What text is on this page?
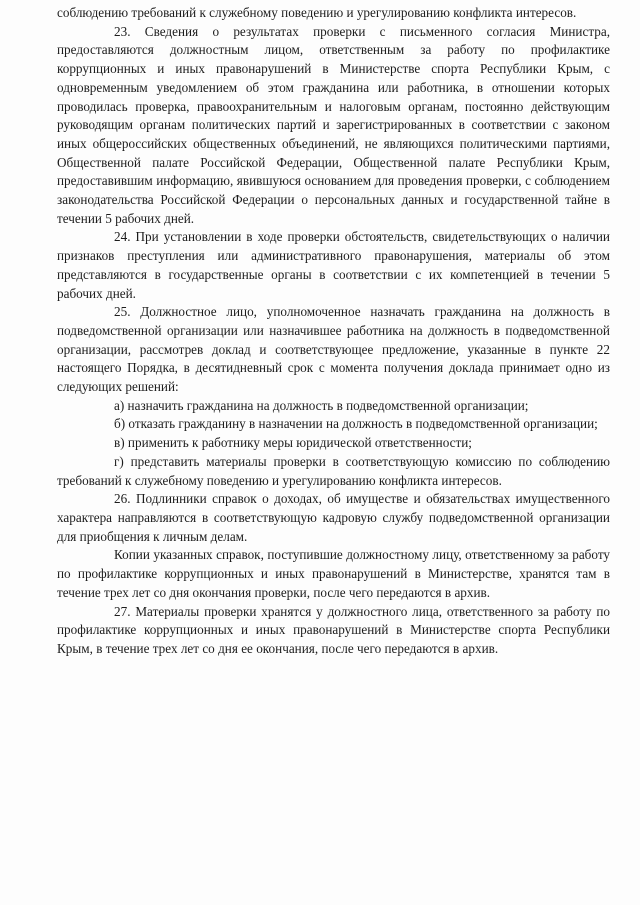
соблюдению требований к служебному поведению и урегулированию конфликта интересов.

23. Сведения о результатах проверки с письменного согласия Министра, предоставляются должностным лицом, ответственным за работу по профилактике коррупционных и иных правонарушений в Министерстве спорта Республики Крым, с одновременным уведомлением об этом гражданина или работника, в отношении которых проводилась проверка, правоохранительным и налоговым органам, постоянно действующим руководящим органам политических партий и зарегистрированных в соответствии с законом иных общероссийских общественных объединений, не являющихся политическими партиями, Общественной палате Российской Федерации, Общественной палате Республики Крым, предоставившим информацию, явившуюся основанием для проведения проверки, с соблюдением законодательства Российской Федерации о персональных данных и государственной тайне в течении 5 рабочих дней.

24. При установлении в ходе проверки обстоятельств, свидетельствующих о наличии признаков преступления или административного правонарушения, материалы об этом представляются в государственные органы в соответствии с их компетенцией в течении 5 рабочих дней.

25. Должностное лицо, уполномоченное назначать гражданина на должность в подведомственной организации или назначившее работника на должность в подведомственной организации, рассмотрев доклад и соответствующее предложение, указанные в пункте 22 настоящего Порядка, в десятидневный срок с момента получения доклада принимает одно из следующих решений:

а) назначить гражданина на должность в подведомственной организации;

б) отказать гражданину в назначении на должность в подведомственной организации;

в) применить к работнику меры юридической ответственности;

г) представить материалы проверки в соответствующую комиссию по соблюдению требований к служебному поведению и урегулированию конфликта интересов.

26. Подлинники справок о доходах, об имуществе и обязательствах имущественного характера направляются в соответствующую кадровую службу подведомственной организации для приобщения к личным делам.

Копии указанных справок, поступившие должностному лицу, ответственному за работу по профилактике коррупционных и иных правонарушений в Министерстве, хранятся там в течение трех лет со дня окончания проверки, после чего передаются в архив.

27. Материалы проверки хранятся у должностного лица, ответственного за работу по профилактике коррупционных и иных правонарушений в Министерстве спорта Республики Крым, в течение трех лет со дня ее окончания, после чего передаются в архив.
